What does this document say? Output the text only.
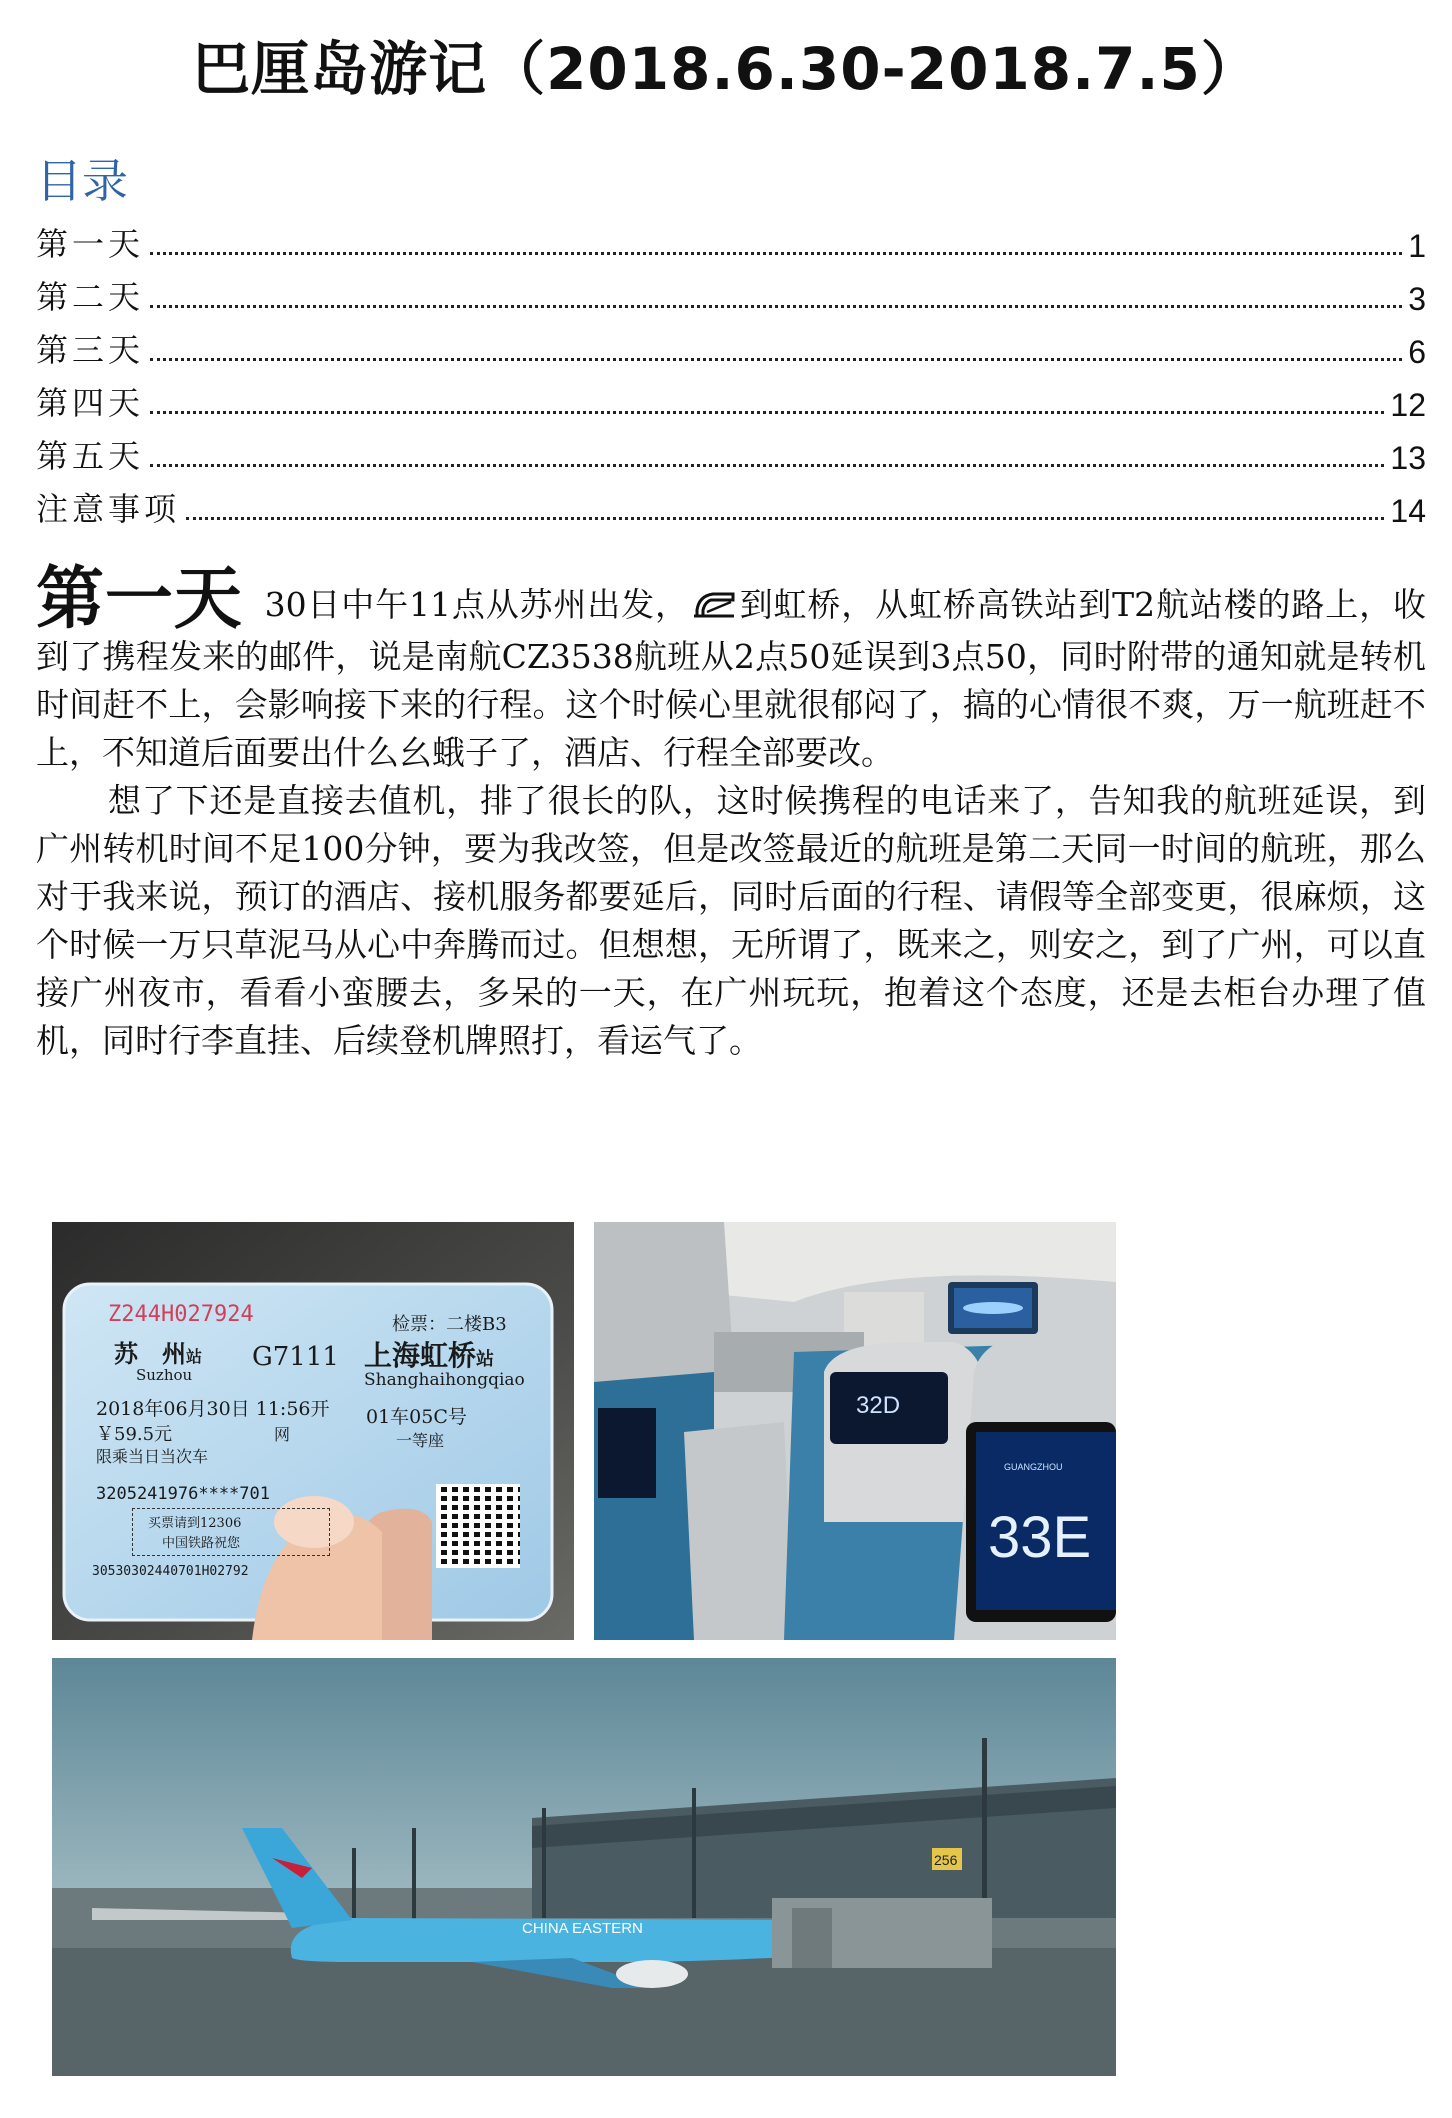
巴厘岛游记（2018.6.30-2018.7.5）
目录
第一天	1
第二天	3
第三天	6
第四天	12
第五天	13
注意事项	14

第一天 30日中午11点从苏州出发， 到虹桥，从虹桥高铁站到T2航站楼的路上，收到了携程发来的邮件，说是南航CZ3538航班从2点50延误到3点50，同时附带的通知就是转机时间赶不上，会影响接下来的行程。这个时候心里就很郁闷了，搞的心情很不爽，万一航班赶不上，不知道后面要出什么幺蛾子了，酒店、行程全部要改。

想了下还是直接去值机，排了很长的队，这时候携程的电话来了，告知我的航班延误，到广州转机时间不足100分钟，要为我改签，但是改签最近的航班是第二天同一时间的航班，那么对于我来说，预订的酒店、接机服务都要延后，同时后面的行程、请假等全部变更，很麻烦，这个时候一万只草泥马从心中奔腾而过。但想想，无所谓了，既来之，则安之，到了广州，可以直接广州夜市，看看小蛮腰去，多呆的一天，在广州玩玩，抱着这个态度，还是去柜台办理了值机，同时行李直挂、后续登机牌照打，看运气了。

Z244H027924	检票：二楼B3
苏　州站 G7111 上海虹桥站
Suzhou	Shanghaihongqiao
2018年06月30日 11:56开 01车05C号
￥59.5元	网	一等座
限乘当日当次车
3205241976****701
买票请到12306
中国铁路祝您
30530302440701H02792
33E
GUANGZHOU
32D
CHINA EASTERN
256
